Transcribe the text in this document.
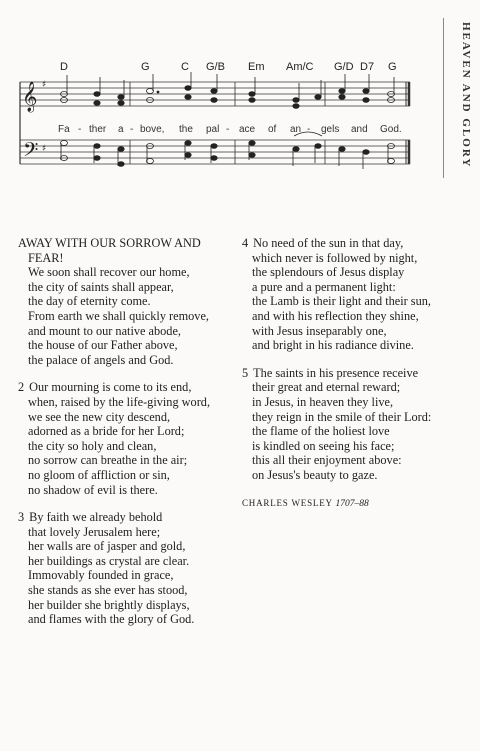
HEAVEN AND GLORY
D	G	C G/B Em Am/C G/D D7 G
𝄞
𝄢
♯
♯
Fa - ther a - bove, the pal - ace of an - gels and God.
AWAY WITH OUR SORROW AND
FEAR!
We soon shall recover our home,
the city of saints shall appear,
the day of eternity come.
From earth we shall quickly remove,
and mount to our native abode,
the house of our Father above,
the palace of angels and God.
2 Our mourning is come to its end,
when, raised by the life-giving word,
we see the new city descend,
adorned as a bride for her Lord;
the city so holy and clean,
no sorrow can breathe in the air;
no gloom of affliction or sin,
no shadow of evil is there.
3 By faith we already behold
that lovely Jerusalem here;
her walls are of jasper and gold,
her buildings as crystal are clear.
Immovably founded in grace,
she stands as she ever has stood,
her builder she brightly displays,
and flames with the glory of God.
4 No need of the sun in that day,
which never is followed by night,
the splendours of Jesus display
a pure and a permanent light:
the Lamb is their light and their sun,
and with his reflection they shine,
with Jesus inseparably one,
and bright in his radiance divine.
5 The saints in his presence receive
their great and eternal reward;
in Jesus, in heaven they live,
they reign in the smile of their Lord:
the flame of the holiest love
is kindled on seeing his face;
this all their enjoyment above:
on Jesus's beauty to gaze.
CHARLES WESLEY 1707–88
